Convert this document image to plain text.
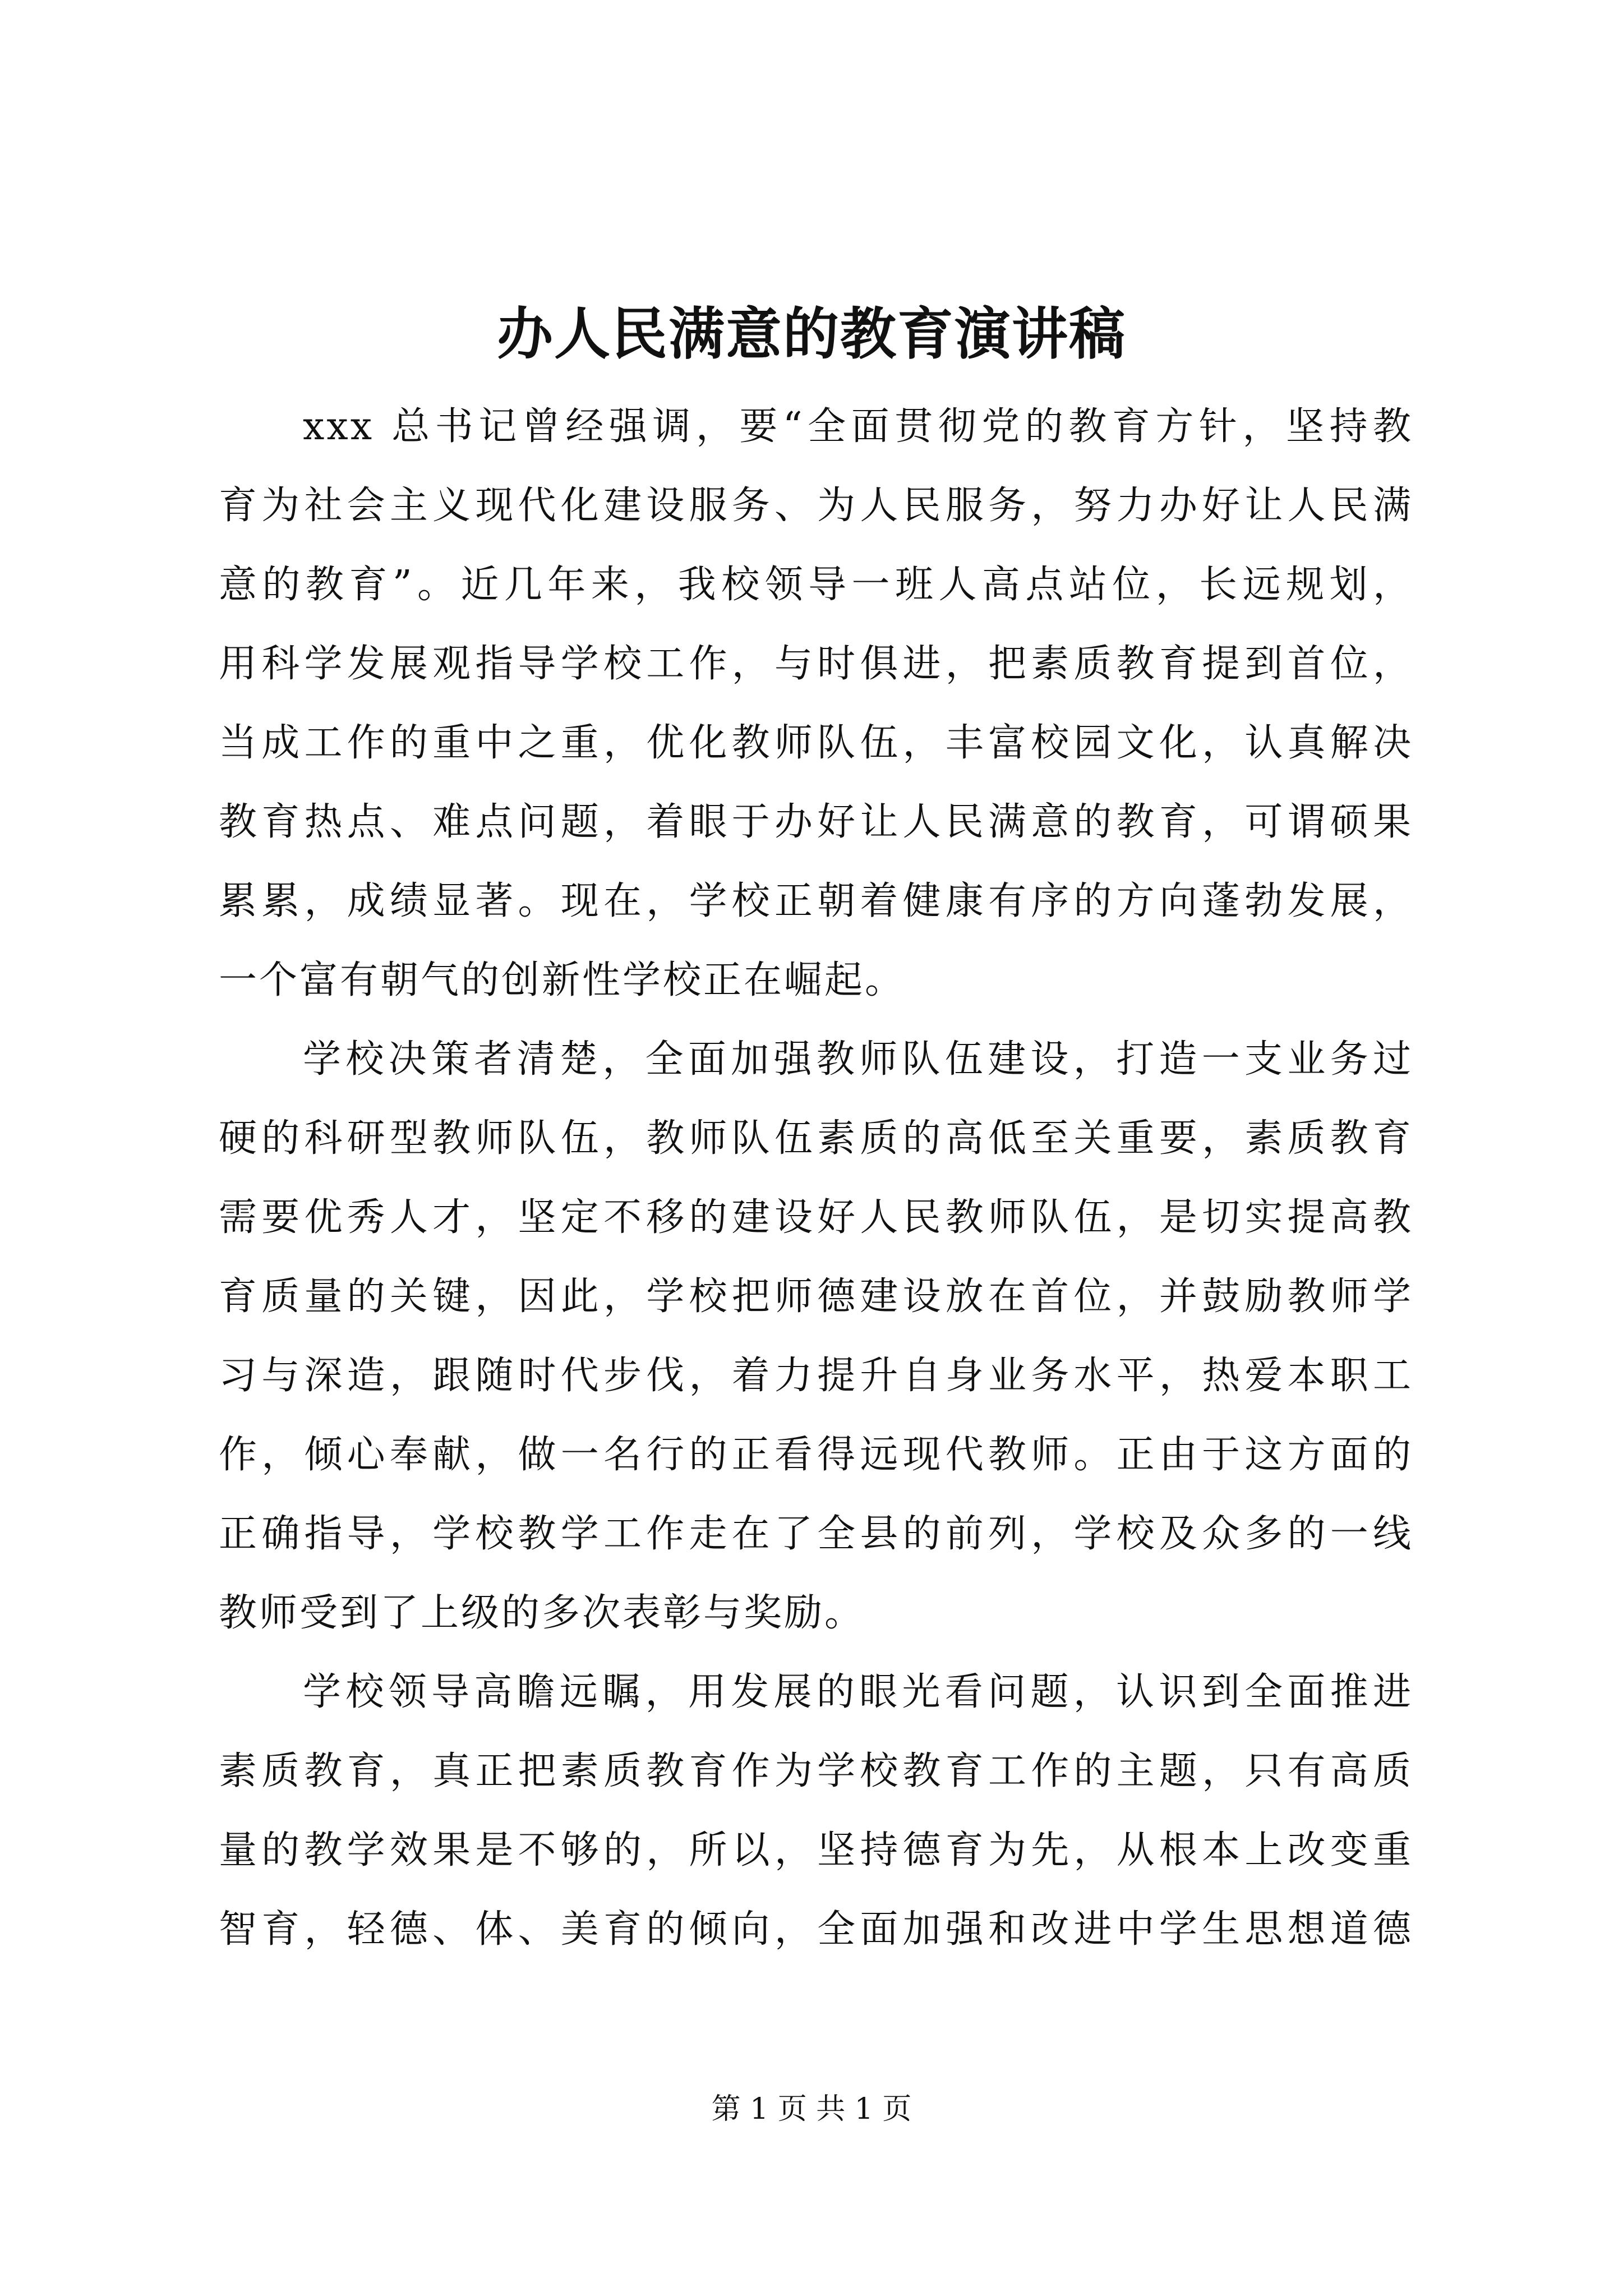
办人民满意的教育演讲稿
xxx 总书记曾经强调，要“全面贯彻党的教育方针，坚持教
育为社会主义现代化建设服务、为人民服务，努力办好让人民满
意的教育”。近几年来，我校领导一班人高点站位，长远规划，
用科学发展观指导学校工作，与时俱进，把素质教育提到首位，
当成工作的重中之重，优化教师队伍，丰富校园文化，认真解决
教育热点、难点问题，着眼于办好让人民满意的教育，可谓硕果
累累，成绩显著。现在，学校正朝着健康有序的方向蓬勃发展，
一个富有朝气的创新性学校正在崛起。
学校决策者清楚，全面加强教师队伍建设，打造一支业务过
硬的科研型教师队伍，教师队伍素质的高低至关重要，素质教育
需要优秀人才，坚定不移的建设好人民教师队伍，是切实提高教
育质量的关键，因此，学校把师德建设放在首位，并鼓励教师学
习与深造，跟随时代步伐，着力提升自身业务水平，热爱本职工
作，倾心奉献，做一名行的正看得远现代教师。正由于这方面的
正确指导，学校教学工作走在了全县的前列，学校及众多的一线
教师受到了上级的多次表彰与奖励。
学校领导高瞻远瞩，用发展的眼光看问题，认识到全面推进
素质教育，真正把素质教育作为学校教育工作的主题，只有高质
量的教学效果是不够的，所以，坚持德育为先，从根本上改变重
智育，轻德、体、美育的倾向，全面加强和改进中学生思想道德
第 1 页 共 1 页
